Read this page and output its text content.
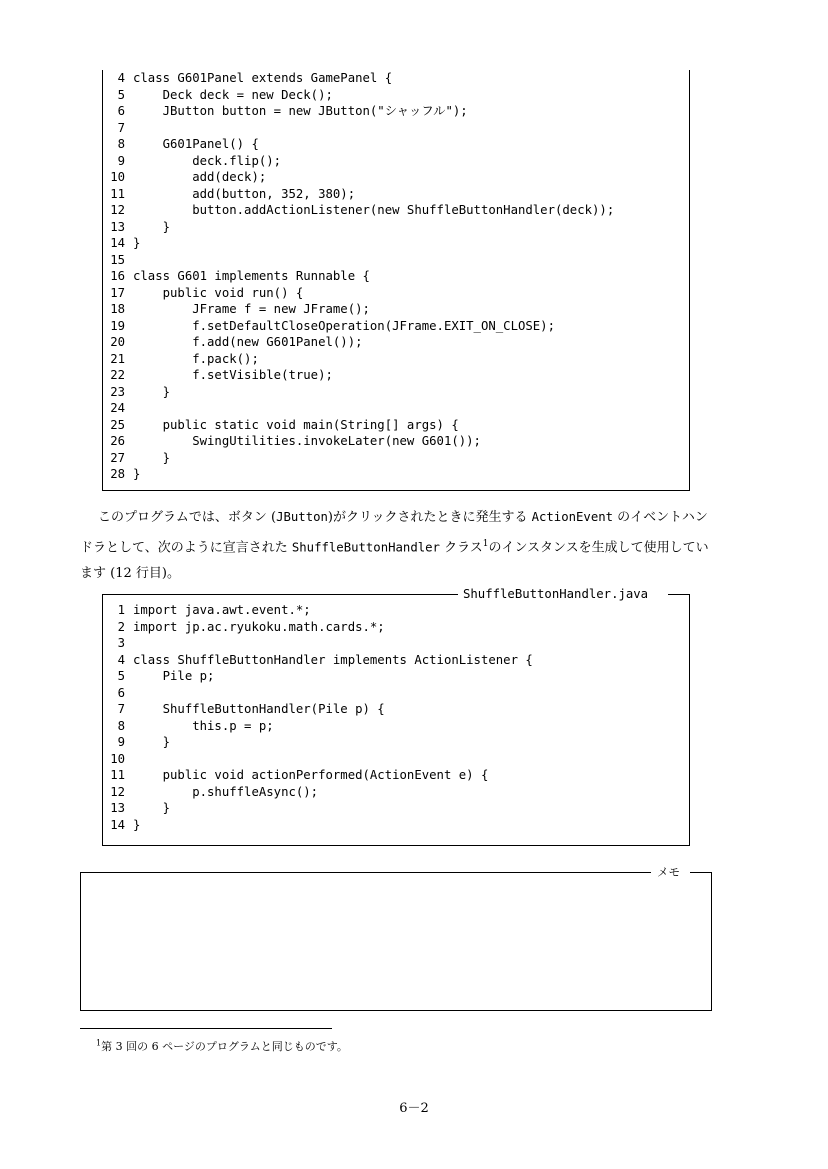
4 class G601Panel extends GamePanel {
5 Deck deck = new Deck();
6 JButton button = new JButton("シャッフル");
7
8 G601Panel() {
9 deck.flip();
10 add(deck);
11 add(button, 352, 380);
12 button.addActionListener(new ShuffleButtonHandler(deck));
13 }
14 }
15
16 class G601 implements Runnable {
17 public void run() {
18 JFrame f = new JFrame();
19 f.setDefaultCloseOperation(JFrame.EXIT_ON_CLOSE);
20 f.add(new G601Panel());
21 f.pack();
22 f.setVisible(true);
23 }
24
25 public static void main(String[] args) {
26 SwingUtilities.invokeLater(new G601());
27 }
28 }

このプログラムでは、ボタン (JButton)がクリックされたときに発生する ActionEvent のイベントハンドラとして、次のように宣言された ShuffleButtonHandler クラス$^1$のインスタンスを生成して使用しています (12 行目)。

1 import java.awt.event.*;
2 import jp.ac.ryukoku.math.cards.*;
3
4 class ShuffleButtonHandler implements ActionListener {
5 Pile p;
6
7 ShuffleButtonHandler(Pile p) {
8 this.p = p;
9 }
10
11 public void actionPerformed(ActionEvent e) {
12 p.shuffleAsync();
13 }
14 }
ShuffleButtonHandler.java
メモ
$^1$第 3 回の 6 ページのプログラムと同じものです。
6－2
